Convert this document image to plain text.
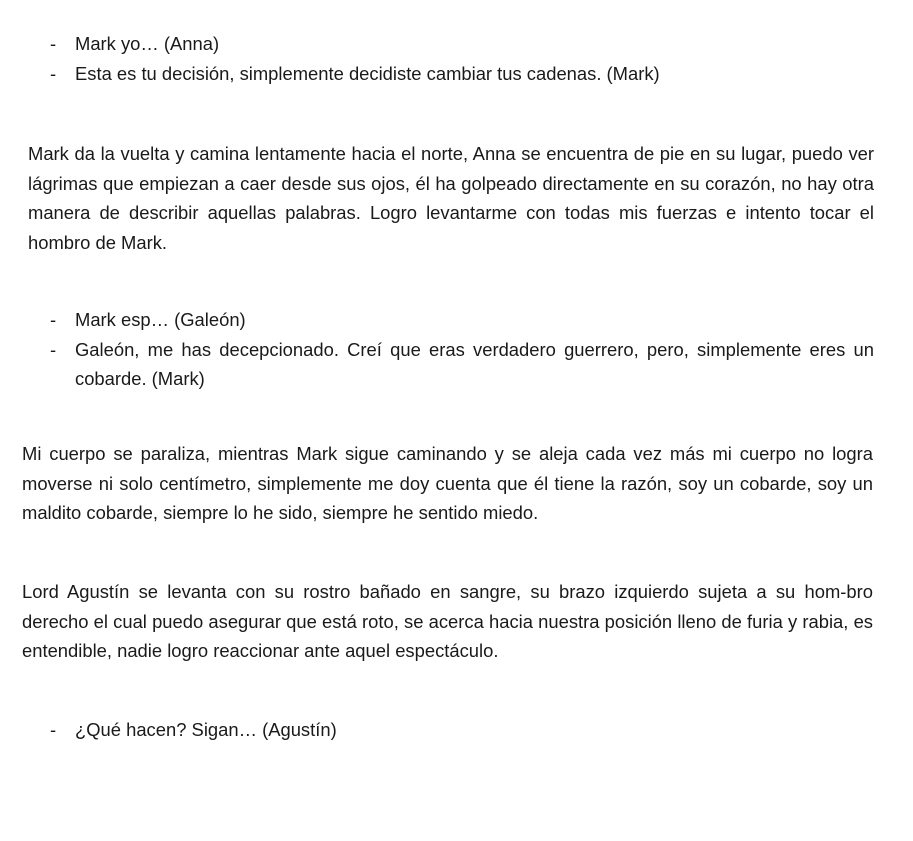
- Mark yo… (Anna)
- Esta es tu decisión, simplemente decidiste cambiar tus cadenas. (Mark)

Mark da la vuelta y camina lentamente hacia el norte, Anna se encuentra de pie en su lugar, puedo ver lágrimas que empiezan a caer desde sus ojos, él ha golpeado directamente en su corazón, no hay otra manera de describir aquellas palabras. Logro levantarme con todas mis fuerzas e intento tocar el hombro de Mark.

- Mark esp… (Galeón)
- Galeón, me has decepcionado. Creí que eras verdadero guerrero, pero, simplemente eres un cobarde. (Mark)

Mi cuerpo se paraliza, mientras Mark sigue caminando y se aleja cada vez más mi cuerpo no logra moverse ni solo centímetro, simplemente me doy cuenta que él tiene la razón, soy un cobarde, soy un maldito cobarde, siempre lo he sido, siempre he sentido miedo.

Lord Agustín se levanta con su rostro bañado en sangre, su brazo izquierdo sujeta a su hom-bro derecho el cual puedo asegurar que está roto, se acerca hacia nuestra posición lleno de furia y rabia, es entendible, nadie logro reaccionar ante aquel espectáculo.

- ¿Qué hacen? Sigan… (Agustín)
